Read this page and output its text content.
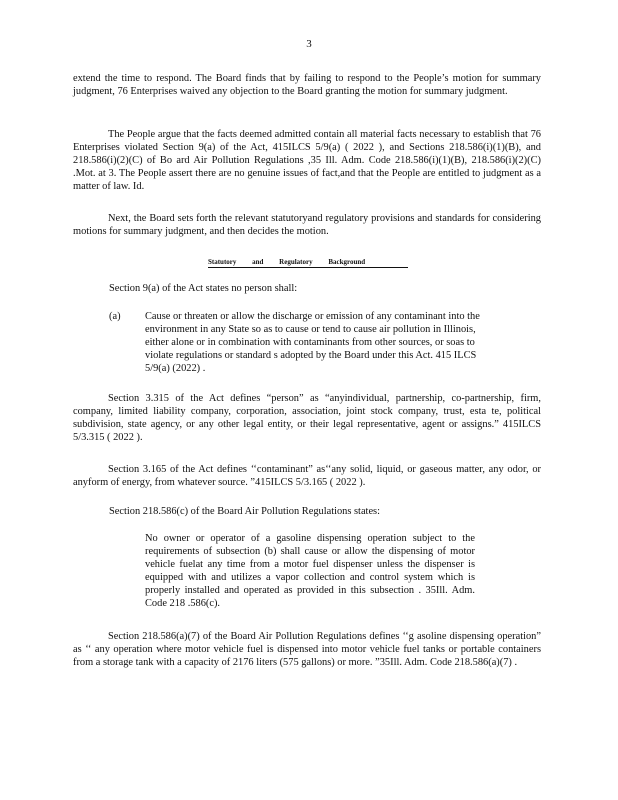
3

extend the time to respond. The Board finds that by failing to respond to the People’s motion for summary judgment, 76 Enterprises waived any objection to the Board granting the motion for summary judgment.

The People argue that the facts deemed admitted contain all material facts necessary to establish that 76 Enterprises violated Section 9(a) of the Act, 415ILCS 5/9(a) ( 2022 ), and Sections 218.586(i)(1)(B), and 218.586(i)(2)(C) of Bo ard Air Pollution Regulations ,35 Ill. Adm. Code 218.586(i)(1)(B), 218.586(i)(2)(C) .Mot. at 3. The People assert there are no genuine issues of fact,and that the People are entitled to judgment as a matter of law. Id.

Next, the Board sets forth the relevant statutoryand regulatory provisions and standards for considering motions for summary judgment, and then decides the motion.

Statutory and Regulatory Background

Section 9(a) of the Act states no person shall:

(a) Cause or threaten or allow the discharge or emission of any contaminant into the environment in any State so as to cause or tend to cause air pollution in Illinois, either alone or in combination with contaminants from other sources, or soas to violate regulations or standard s adopted by the Board under this Act. 415 ILCS 5/9(a) (2022) .

Section 3.315 of the Act defines “person” as “anyindividual, partnership, co-partnership, firm, company, limited liability company, corporation, association, joint stock company, trust, esta te, political subdivision, state agency, or any other legal entity, or their legal representative, agent or assigns.” 415ILCS 5/3.315 ( 2022 ).

Section 3.165 of the Act defines ‘‘contaminant” as‘‘any solid, liquid, or gaseous matter, any odor, or anyform of energy, from whatever source. ”415ILCS 5/3.165 ( 2022 ).

Section 218.586(c) of the Board Air Pollution Regulations states:

No owner or operator of a gasoline dispensing operation subject to the requirements of subsection (b) shall cause or allow the dispensing of motor vehicle fuelat any time from a motor fuel dispenser unless the dispenser is equipped with and utilizes a vapor collection and control system which is properly installed and operated as provided in this subsection . 35Ill. Adm. Code 218 .586(c).

Section 218.586(a)(7) of the Board Air Pollution Regulations defines ‘‘g asoline dispensing operation” as ‘‘ any operation where motor vehicle fuel is dispensed into motor vehicle fuel tanks or portable containers from a storage tank with a capacity of 2176 liters (575 gallons) or more. ”35Ill. Adm. Code 218.586(a)(7) .
